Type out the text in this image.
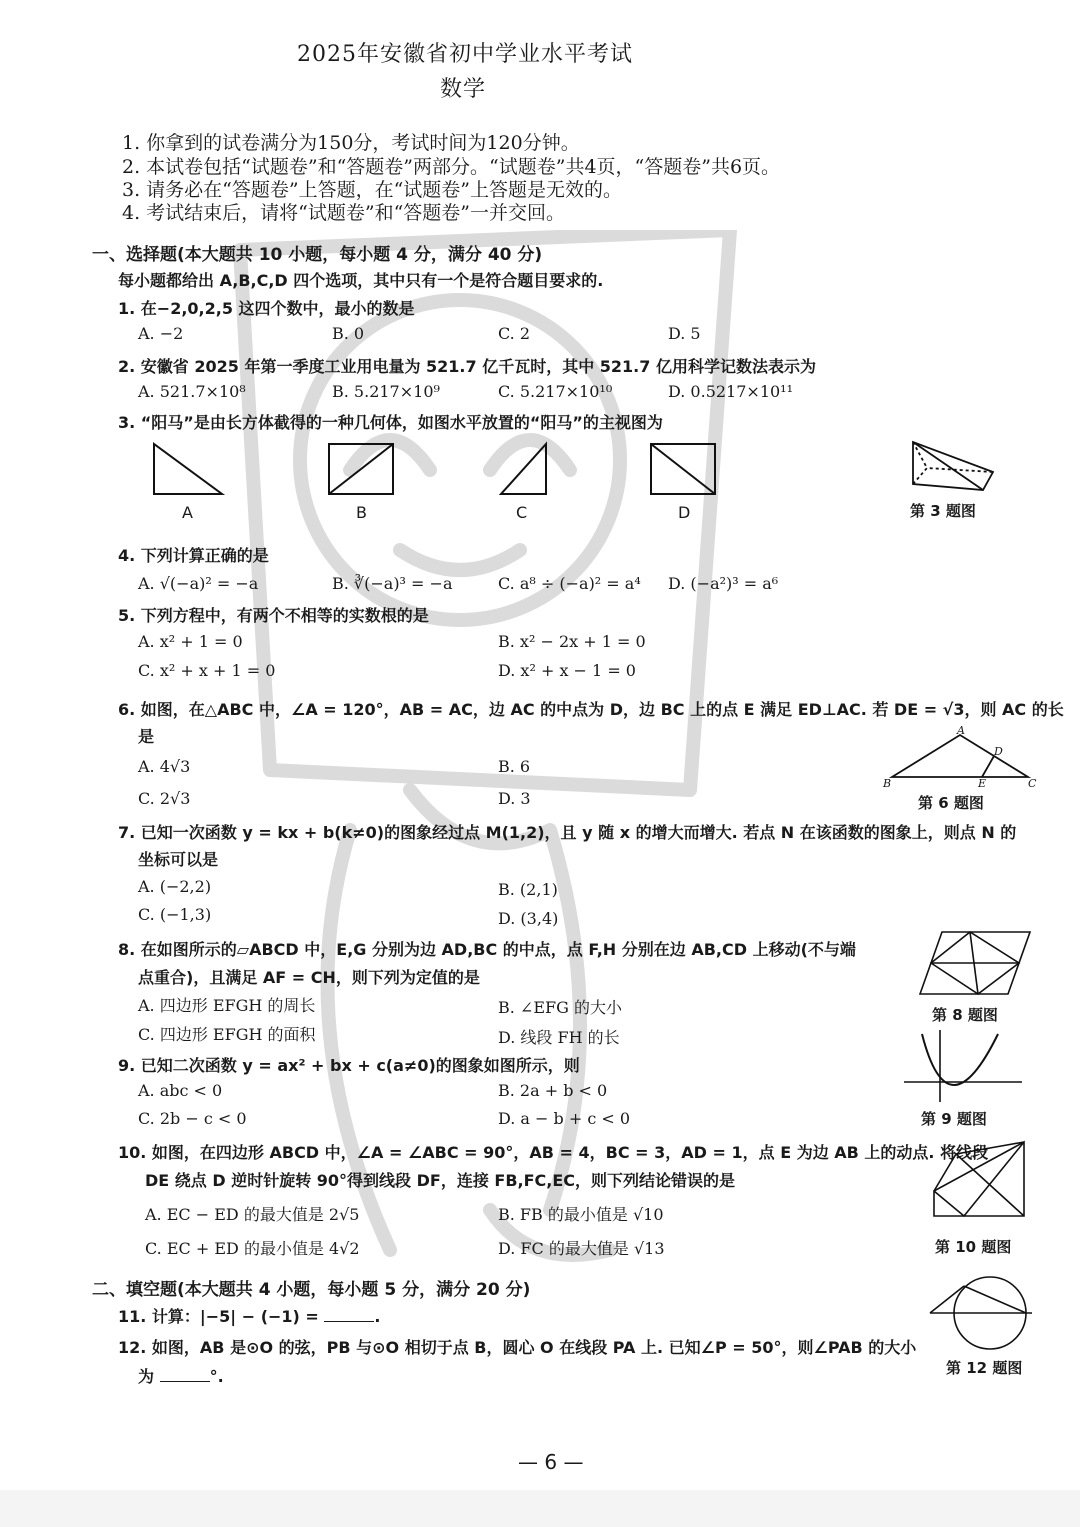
2025年安徽省初中学业水平考试
数学
1. 你拿到的试卷满分为150分，考试时间为120分钟。
2. 本试卷包括“试题卷”和“答题卷”两部分。“试题卷”共4页，“答题卷”共6页。
3. 请务必在“答题卷”上答题，在“试题卷”上答题是无效的。
4. 考试结束后，请将“试题卷”和“答题卷”一并交回。
一、选择题(本大题共 10 小题，每小题 4 分，满分 40 分)
每小题都给出 A,B,C,D 四个选项，其中只有一个是符合题目要求的.
1. 在−2,0,2,5 这四个数中，最小的数是
A. −2	B. 0	C. 2	D. 5
2. 安徽省 2025 年第一季度工业用电量为 521.7 亿千瓦时，其中 521.7 亿用科学记数法表示为
A. 521.7×10⁸	B. 5.217×10⁹	C. 5.217×10¹⁰	D. 0.5217×10¹¹
3. “阳马”是由长方体截得的一种几何体，如图水平放置的“阳马”的主视图为
A	B	C	D	第 3 题图
4. 下列计算正确的是
A. √(−a)² = −a	B. ∛(−a)³ = −a	C. a⁸ ÷ (−a)² = a⁴ D. (−a²)³ = a⁶
5. 下列方程中，有两个不相等的实数根的是
A. x² + 1 = 0	B. x² − 2x + 1 = 0
C. x² + x + 1 = 0	D. x² + x − 1 = 0
6. 如图，在△ABC 中，∠A = 120°，AB = AC，边 AC 的中点为 D，边 BC 上的点 E 满足 ED⊥AC. 若 DE = √3，则 AC 的长
是
A. 4√3	B. 6
C. 2√3	D. 3
A
B	C
D
E
第 6 题图
7. 已知一次函数 y = kx + b(k≠0)的图象经过点 M(1,2)，且 y 随 x 的增大而增大. 若点 N 在该函数的图象上，则点 N 的
坐标可以是
A. (−2,2)	B. (2,1)
C. (−1,3)	D. (3,4)
8. 在如图所示的▱ABCD 中，E,G 分别为边 AD,BC 的中点，点 F,H 分别在边 AB,CD 上移动(不与端
点重合)，且满足 AF = CH，则下列为定值的是
A. 四边形 EFGH 的周长	B. ∠EFG 的大小
C. 四边形 EFGH 的面积	D. 线段 FH 的长
第 8 题图
9. 已知二次函数 y = ax² + bx + c(a≠0)的图象如图所示，则
A. abc < 0	B. 2a + b < 0
C. 2b − c < 0	D. a − b + c < 0	第 9 题图
10. 如图，在四边形 ABCD 中，∠A = ∠ABC = 90°，AB = 4，BC = 3，AD = 1，点 E 为边 AB 上的动点. 将线段
DE 绕点 D 逆时针旋转 90°得到线段 DF，连接 FB,FC,EC，则下列结论错误的是
A. EC − ED 的最大值是 2√5	B. FB 的最小值是 √10
C. EC + ED 的最小值是 4√2	D. FC 的最大值是 √13	第 10 题图
二、填空题(本大题共 4 小题，每小题 5 分，满分 20 分)
11. 计算：|−5| − (−1) =	.
12. 如图，AB 是⊙O 的弦，PB 与⊙O 相切于点 B，圆心 O 在线段 PA 上. 已知∠P = 50°，则∠PAB 的大小
为	°.	第 12 题图
— 6 —
